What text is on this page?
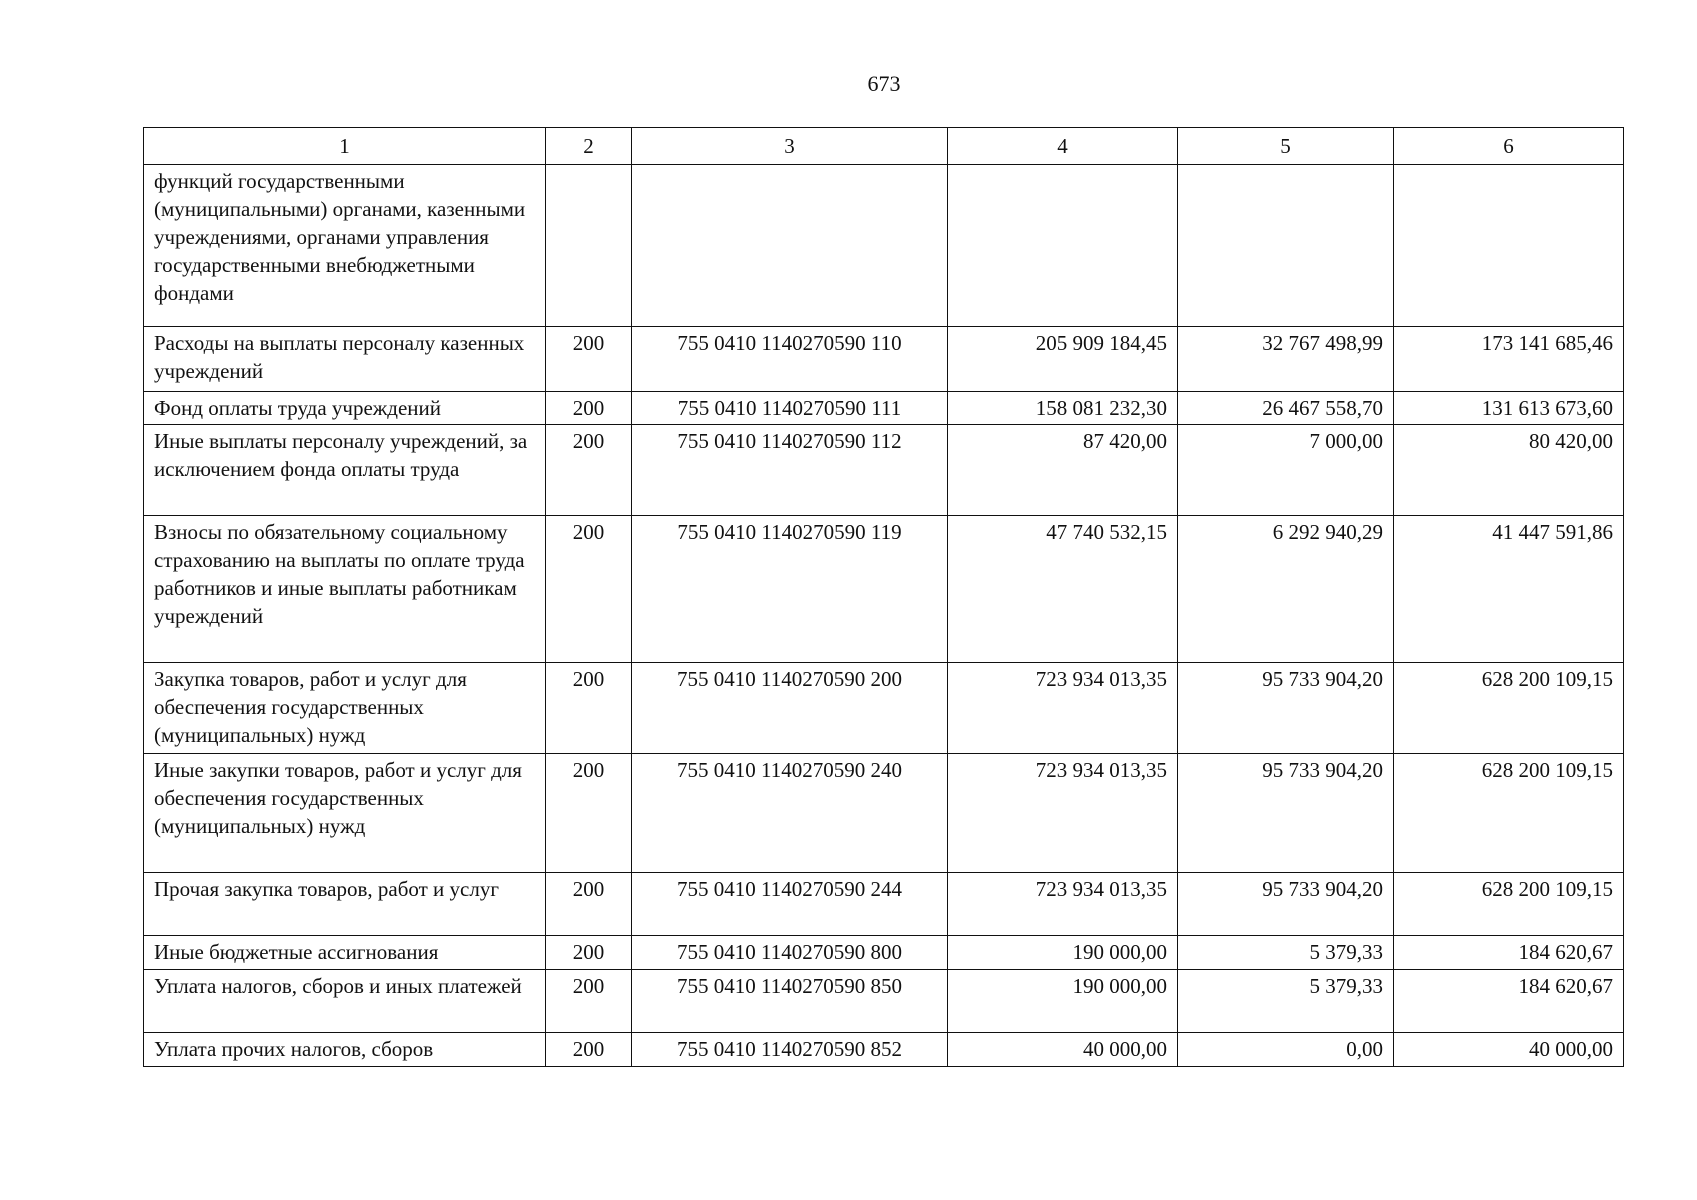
673
1	2	3	4	5	6
функций государственными (муниципальными) органами, казенными учреждениями, органами управления государственными внебюджетными фондами					
Расходы на выплаты персоналу казенных учреждений	200	755 0410 1140270590 110	205 909 184,45	32 767 498,99	173 141 685,46
Фонд оплаты труда учреждений	200	755 0410 1140270590 111	158 081 232,30	26 467 558,70	131 613 673,60
Иные выплаты персоналу учреждений, за исключением фонда оплаты труда	200	755 0410 1140270590 112	87 420,00	7 000,00	80 420,00
Взносы по обязательному социальному страхованию на выплаты по оплате труда работников и иные выплаты работникам учреждений	200	755 0410 1140270590 119	47 740 532,15	6 292 940,29	41 447 591,86
Закупка товаров, работ и услуг для обеспечения государственных (муниципальных) нужд	200	755 0410 1140270590 200	723 934 013,35	95 733 904,20	628 200 109,15
Иные закупки товаров, работ и услуг для обеспечения государственных (муниципальных) нужд	200	755 0410 1140270590 240	723 934 013,35	95 733 904,20	628 200 109,15
Прочая закупка товаров, работ и услуг	200	755 0410 1140270590 244	723 934 013,35	95 733 904,20	628 200 109,15
Иные бюджетные ассигнования	200	755 0410 1140270590 800	190 000,00	5 379,33	184 620,67
Уплата налогов, сборов и иных платежей	200	755 0410 1140270590 850	190 000,00	5 379,33	184 620,67
Уплата прочих налогов, сборов	200	755 0410 1140270590 852	40 000,00	0,00	40 000,00
